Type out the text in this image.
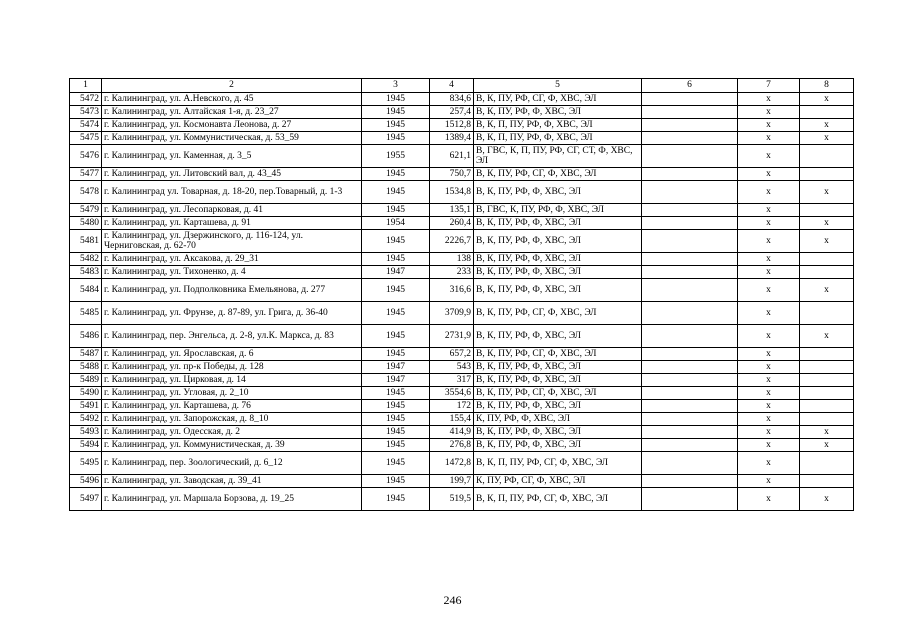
1	2	3	4	5	6	7	8
5472	г. Калининград, ул. А.Невского, д. 45	1945	834,6	В, К, ПУ, РФ, СГ, Ф, ХВС, ЭЛ		х	х
5473	г. Калининград, ул. Алтайская 1-я, д. 23_27	1945	257,4	В, К, ПУ, РФ, Ф, ХВС, ЭЛ		х	
5474	г. Калининград, ул. Космонавта Леонова, д. 27	1945	1512,8	В, К, П, ПУ, РФ, Ф, ХВС, ЭЛ		х	х
5475	г. Калининград, ул. Коммунистическая, д. 53_59	1945	1389,4	В, К, П, ПУ, РФ, Ф, ХВС, ЭЛ		х	х
5476	г. Калининград, ул. Каменная, д. 3_5	1955	621,1	В, ГВС, К, П, ПУ, РФ, СГ, СТ, Ф, ХВС, ЭЛ		х	
5477	г. Калининград, ул. Литовский вал, д. 43_45	1945	750,7	В, К, ПУ, РФ, СГ, Ф, ХВС, ЭЛ		х	
5478	г. Калининград ул. Товарная, д. 18-20, пер.Товарный, д. 1-3	1945	1534,8	В, К, ПУ, РФ, Ф, ХВС, ЭЛ		х	х
5479	г. Калининград, ул. Лесопарковая, д. 41	1945	135,1	В, ГВС, К, ПУ, РФ, Ф, ХВС, ЭЛ		х	
5480	г. Калининград, ул. Карташева, д. 91	1954	260,4	В, К, ПУ, РФ, Ф, ХВС, ЭЛ		х	х
5481	г. Калининград, ул. Дзержинского, д. 116-124, ул. Черниговская, д. 62-70	1945	2226,7	В, К, ПУ, РФ, Ф, ХВС, ЭЛ		х	х
5482	г. Калининград, ул. Аксакова, д. 29_31	1945	138	В, К, ПУ, РФ, Ф, ХВС, ЭЛ		х	
5483	г. Калининград, ул. Тихоненко, д. 4	1947	233	В, К, ПУ, РФ, Ф, ХВС, ЭЛ		х	
5484	г. Калининград, ул. Подполковника Емельянова, д. 277	1945	316,6	В, К, ПУ, РФ, Ф, ХВС, ЭЛ		х	х
5485	г. Калининград, ул. Фрунзе, д. 87-89, ул. Грига, д. 36-40	1945	3709,9	В, К, ПУ, РФ, СГ, Ф, ХВС, ЭЛ		х	
5486	г. Калининград, пер. Энгельса, д. 2-8, ул.К. Маркса, д. 83	1945	2731,9	В, К, ПУ, РФ, Ф, ХВС, ЭЛ		х	х
5487	г. Калининград, ул. Ярославская, д. 6	1945	657,2	В, К, ПУ, РФ, СГ, Ф, ХВС, ЭЛ		х	
5488	г. Калининград, ул. пр-к Победы, д. 128	1947	543	В, К, ПУ, РФ, Ф, ХВС, ЭЛ		х	
5489	г. Калининград, ул. Цирковая, д. 14	1947	317	В, К, ПУ, РФ, Ф, ХВС, ЭЛ		х	
5490	г. Калининград, ул. Угловая, д. 2_10	1945	3554,6	В, К, ПУ, РФ, СГ, Ф, ХВС, ЭЛ		х	
5491	г. Калининград, ул. Карташева, д. 76	1945	172	В, К, ПУ, РФ, Ф, ХВС, ЭЛ		х	
5492	г. Калининград, ул. Запорожская, д. 8_10	1945	155,4	К, ПУ, РФ, Ф, ХВС, ЭЛ		х	
5493	г. Калининград, ул. Одесская, д. 2	1945	414,9	В, К, ПУ, РФ, Ф, ХВС, ЭЛ		х	х
5494	г. Калининград, ул. Коммунистическая, д. 39	1945	276,8	В, К, ПУ, РФ, Ф, ХВС, ЭЛ		х	х
5495	г. Калининград, пер. Зоологический, д. 6_12	1945	1472,8	В, К, П, ПУ, РФ, СГ, Ф, ХВС, ЭЛ		х	
5496	г. Калининград, ул. Заводская, д. 39_41	1945	199,7	К, ПУ, РФ, СГ, Ф, ХВС, ЭЛ		х	
5497	г. Калининград, ул. Маршала Борзова, д. 19_25	1945	519,5	В, К, П, ПУ, РФ, СГ, Ф, ХВС, ЭЛ		х	х
246
